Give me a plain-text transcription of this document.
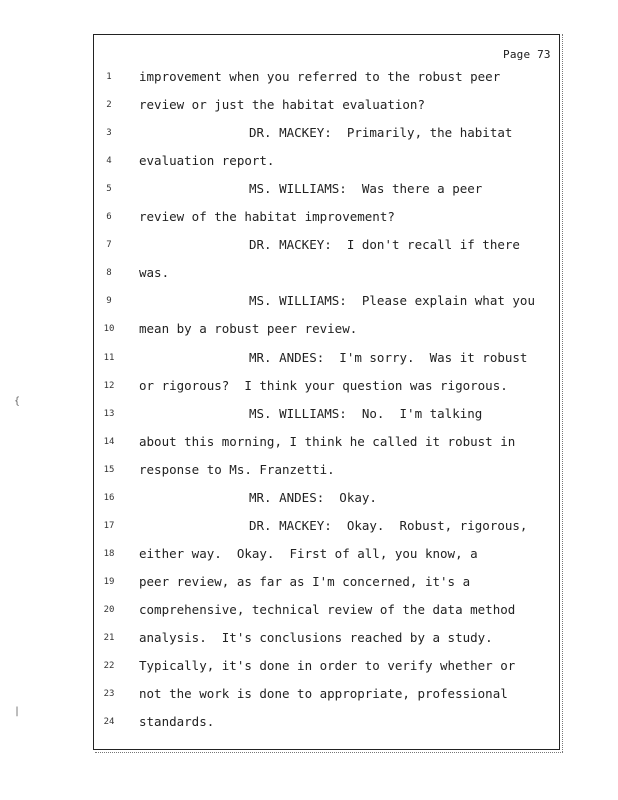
Page 73
1	improvement when you referred to the robust peer
2	review or just the habitat evaluation?
3	DR. MACKEY:  Primarily, the habitat
4	evaluation report.
5	MS. WILLIAMS:  Was there a peer
6	review of the habitat improvement?
7	DR. MACKEY:  I don't recall if there
8	was.
9	MS. WILLIAMS:  Please explain what you
10 mean by a robust peer review.
11	MR. ANDES:  I'm sorry.  Was it robust
12 or rigorous?  I think your question was rigorous.
13	MS. WILLIAMS:  No.  I'm talking
14 about this morning, I think he called it robust in
15 response to Ms. Franzetti.
16	MR. ANDES:  Okay.
17	DR. MACKEY:  Okay.  Robust, rigorous,
18 either way.  Okay.  First of all, you know, a
19 peer review, as far as I'm concerned, it's a
20 comprehensive, technical review of the data method
21 analysis.  It's conclusions reached by a study.
22 Typically, it's done in order to verify whether or
23 not the work is done to appropriate, professional
24 standards.
{
|
